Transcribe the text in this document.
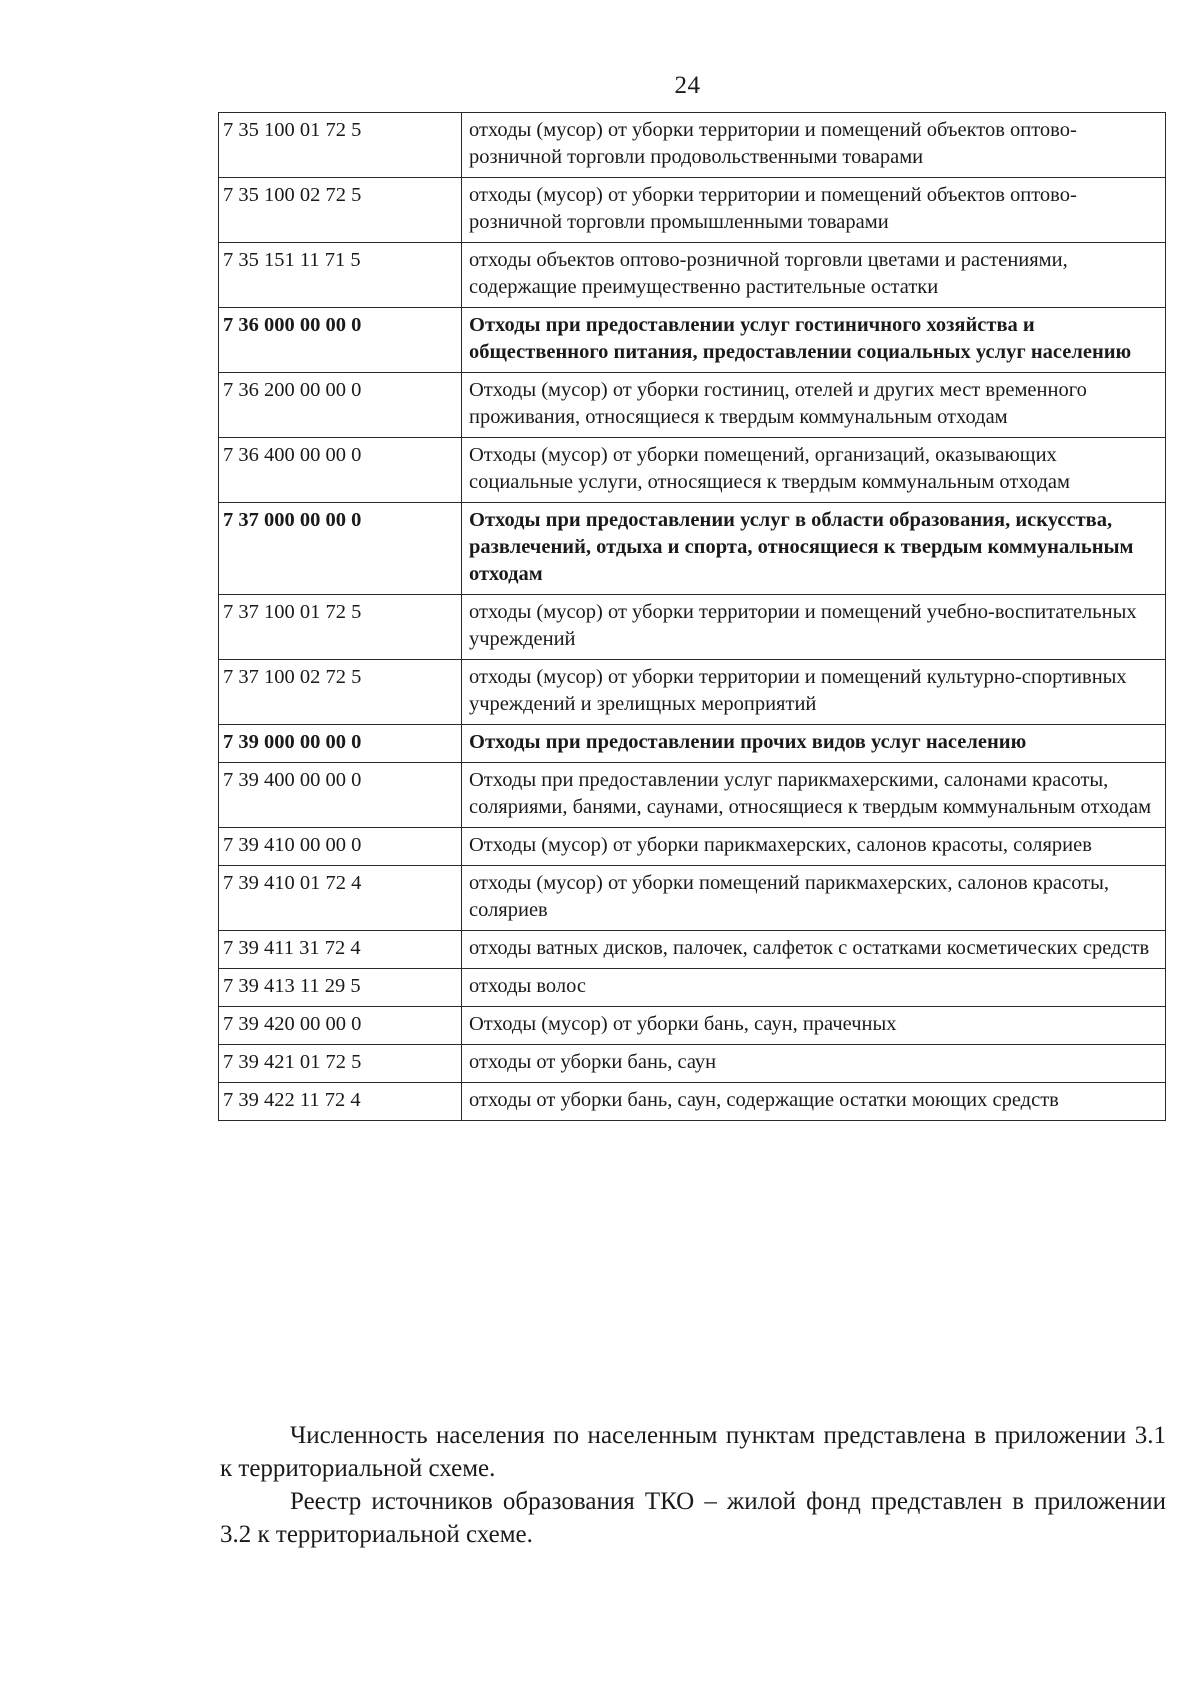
24
7 35 100 01 72 5	отходы (мусор) от уборки территории и помещений объектов оптово-розничной торговли продовольственными товарами
7 35 100 02 72 5	отходы (мусор) от уборки территории и помещений объектов оптово-розничной торговли промышленными товарами
7 35 151 11 71 5	отходы объектов оптово-розничной торговли цветами и растениями, содержащие преимущественно растительные остатки
7 36 000 00 00 0	Отходы при предоставлении услуг гостиничного хозяйства и общественного питания, предоставлении социальных услуг населению
7 36 200 00 00 0	Отходы (мусор) от уборки гостиниц, отелей и других мест временного проживания, относящиеся к твердым коммунальным отходам
7 36 400 00 00 0	Отходы (мусор) от уборки помещений, организаций, оказывающих социальные услуги, относящиеся к твердым коммунальным отходам
7 37 000 00 00 0	Отходы при предоставлении услуг в области образования, искусства, развлечений, отдыха и спорта, относящиеся к твердым коммунальным отходам
7 37 100 01 72 5	отходы (мусор) от уборки территории и помещений учебно-воспитательных учреждений
7 37 100 02 72 5	отходы (мусор) от уборки территории и помещений культурно-спортивных учреждений и зрелищных мероприятий
7 39 000 00 00 0	Отходы при предоставлении прочих видов услуг населению
7 39 400 00 00 0	Отходы при предоставлении услуг парикмахерскими, салонами красоты, соляриями, банями, саунами, относящиеся к твердым коммунальным отходам
7 39 410 00 00 0	Отходы (мусор) от уборки парикмахерских, салонов красоты, соляриев
7 39 410 01 72 4	отходы (мусор) от уборки помещений парикмахерских, салонов красоты, соляриев
7 39 411 31 72 4	отходы ватных дисков, палочек, салфеток с остатками косметических средств
7 39 413 11 29 5	отходы волос
7 39 420 00 00 0	Отходы (мусор) от уборки бань, саун, прачечных
7 39 421 01 72 5	отходы от уборки бань, саун
7 39 422 11 72 4	отходы от уборки бань, саун, содержащие остатки моющих средств

Численность населения по населенным пунктам представлена в приложении 3.1 к территориальной схеме.

Реестр источников образования ТКО – жилой фонд представлен в приложении 3.2 к территориальной схеме.
